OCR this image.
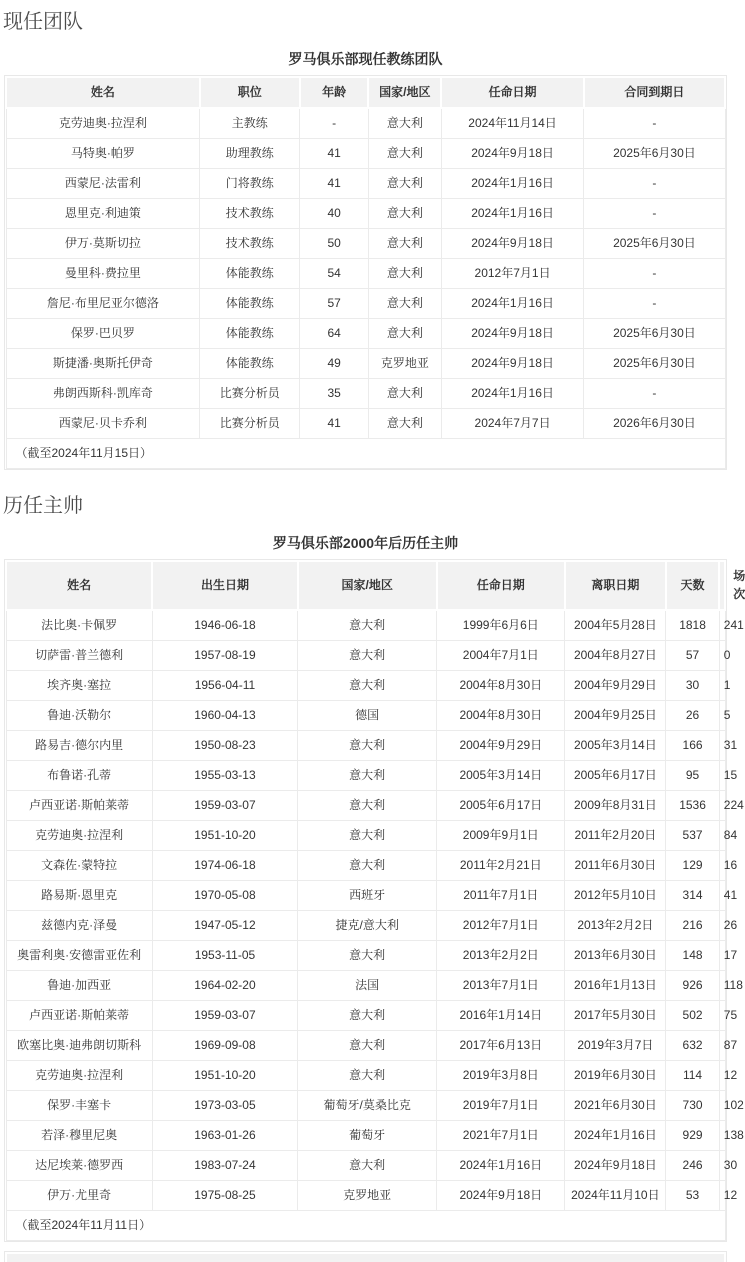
现任团队
罗马俱乐部现任教练团队
姓名	职位	年龄	国家/地区	任命日期	合同到期日
克劳迪奥·拉涅利	主教练	-	意大利	2024年11月14日	-
马特奥·帕罗	助理教练	41	意大利	2024年9月18日	2025年6月30日
西蒙尼·法雷利	门将教练	41	意大利	2024年1月16日	-
恩里克·利迪策	技术教练	40	意大利	2024年1月16日	-
伊万·莫斯切拉	技术教练	50	意大利	2024年9月18日	2025年6月30日
曼里科·费拉里	体能教练	54	意大利	2012年7月1日	-
詹尼·布里尼亚尔德洛	体能教练	57	意大利	2024年1月16日	-
保罗·巴贝罗	体能教练	64	意大利	2024年9月18日	2025年6月30日
斯捷潘·奥斯托伊奇	体能教练	49	克罗地亚	2024年9月18日	2025年6月30日
弗朗西斯科·凯库奇	比赛分析员	35	意大利	2024年1月16日	-
西蒙尼·贝卡乔利	比赛分析员	41	意大利	2024年7月7日	2026年6月30日
（截至2024年11月15日）					
历任主帅
罗马俱乐部2000年后历任主帅
姓名	出生日期	国家/地区	任命日期	离职日期	天数	场次
法比奥·卡佩罗	1946-06-18	意大利	1999年6月6日	2004年5月28日	1818	241
切萨雷·普兰德利	1957-08-19	意大利	2004年7月1日	2004年8月27日	57	0
埃齐奥·塞拉	1956-04-11	意大利	2004年8月30日	2004年9月29日	30	1
鲁迪·沃勒尔	1960-04-13	德国	2004年8月30日	2004年9月25日	26	5
路易吉·德尔内里	1950-08-23	意大利	2004年9月29日	2005年3月14日	166	31
布鲁诺·孔蒂	1955-03-13	意大利	2005年3月14日	2005年6月17日	95	15
卢西亚诺·斯帕莱蒂	1959-03-07	意大利	2005年6月17日	2009年8月31日	1536	224
克劳迪奥·拉涅利	1951-10-20	意大利	2009年9月1日	2011年2月20日	537	84
文森佐·蒙特拉	1974-06-18	意大利	2011年2月21日	2011年6月30日	129	16
路易斯·恩里克	1970-05-08	西班牙	2011年7月1日	2012年5月10日	314	41
兹德内克·泽曼	1947-05-12	捷克/意大利	2012年7月1日	2013年2月2日	216	26
奥雷利奥·安德雷亚佐利	1953-11-05	意大利	2013年2月2日	2013年6月30日	148	17
鲁迪·加西亚	1964-02-20	法国	2013年7月1日	2016年1月13日	926	118
卢西亚诺·斯帕莱蒂	1959-03-07	意大利	2016年1月14日	2017年5月30日	502	75
欧塞比奥·迪弗朗切斯科	1969-09-08	意大利	2017年6月13日	2019年3月7日	632	87
克劳迪奥·拉涅利	1951-10-20	意大利	2019年3月8日	2019年6月30日	114	12
保罗·丰塞卡	1973-03-05	葡萄牙/莫桑比克	2019年7月1日	2021年6月30日	730	102
若泽·穆里尼奥	1963-01-26	葡萄牙	2021年7月1日	2024年1月16日	929	138
达尼埃莱·德罗西	1983-07-24	意大利	2024年1月16日	2024年9月18日	246	30
伊万·尤里奇	1975-08-25	克罗地亚	2024年9月18日	2024年11月10日	53	12
（截至2024年11月11日）						
